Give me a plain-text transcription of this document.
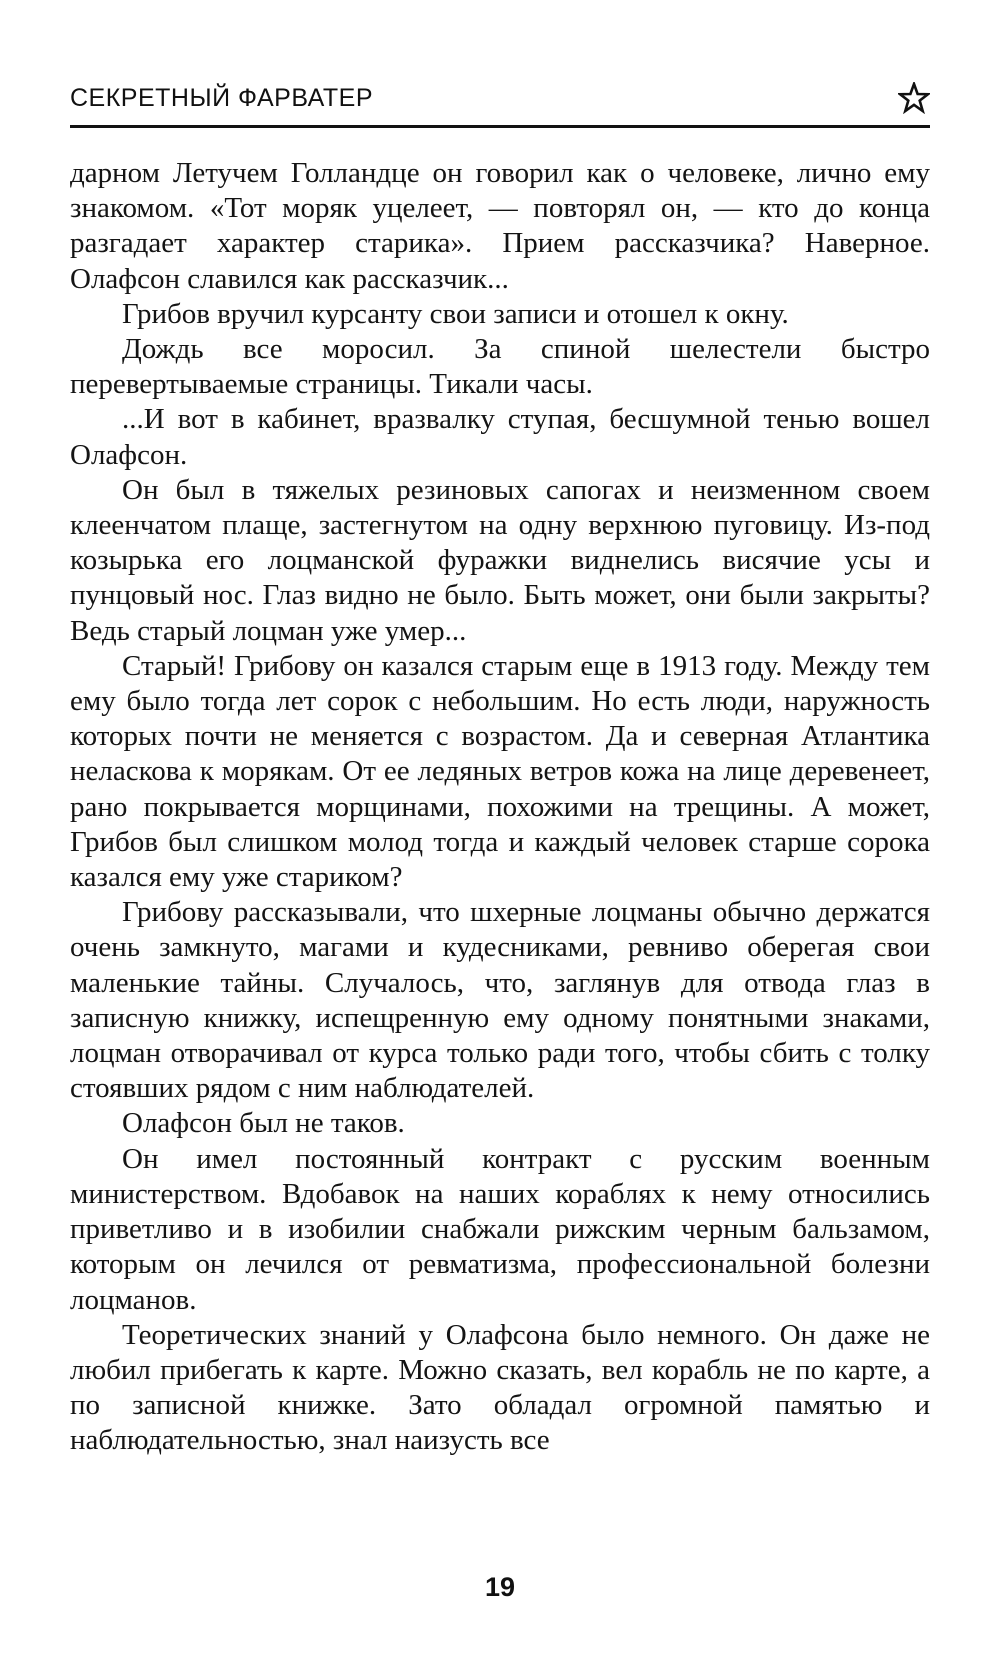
СЕКРЕТНЫЙ ФАРВАТЕР

дарном Летучем Голландце он говорил как о человеке, лично ему знакомом. «Тот моряк уцелеет, — повторял он, — кто до конца разгадает характер старика». Прием рассказчика? Наверное. Олафсон славился как рассказчик...

Грибов вручил курсанту свои записи и отошел к окну.

Дождь все моросил. За спиной шелестели быстро перевертываемые страницы. Тикали часы.

...И вот в кабинет, вразвалку ступая, бесшумной тенью вошел Олафсон.

Он был в тяжелых резиновых сапогах и неизменном своем клеенчатом плаще, застегнутом на одну верхнюю пуговицу. Из-под козырька его лоцманской фуражки виднелись висячие усы и пунцовый нос. Глаз видно не было. Быть может, они были закрыты? Ведь старый лоцман уже умер...

Старый! Грибову он казался старым еще в 1913 году. Между тем ему было тогда лет сорок с небольшим. Но есть люди, наружность которых почти не меняется с возрастом. Да и северная Атлантика неласкова к морякам. От ее ледяных ветров кожа на лице деревенеет, рано покрывается морщинами, похожими на трещины. А может, Грибов был слишком молод тогда и каждый человек старше сорока казался ему уже стариком?

Грибову рассказывали, что шхерные лоцманы обычно держатся очень замкнуто, магами и кудесниками, ревниво оберегая свои маленькие тайны. Случалось, что, заглянув для отвода глаз в записную книжку, испещренную ему одному понятными знаками, лоцман отворачивал от курса только ради того, чтобы сбить с толку стоявших рядом с ним наблюдателей.

Олафсон был не таков.

Он имел постоянный контракт с русским военным министерством. Вдобавок на наших кораблях к нему относились приветливо и в изобилии снабжали рижским черным бальзамом, которым он лечился от ревматизма, профессиональной болезни лоцманов.

Теоретических знаний у Олафсона было немного. Он даже не любил прибегать к карте. Можно сказать, вел корабль не по карте, а по записной книжке. Зато обладал огромной памятью и наблюдательностью, знал наизусть все

19
